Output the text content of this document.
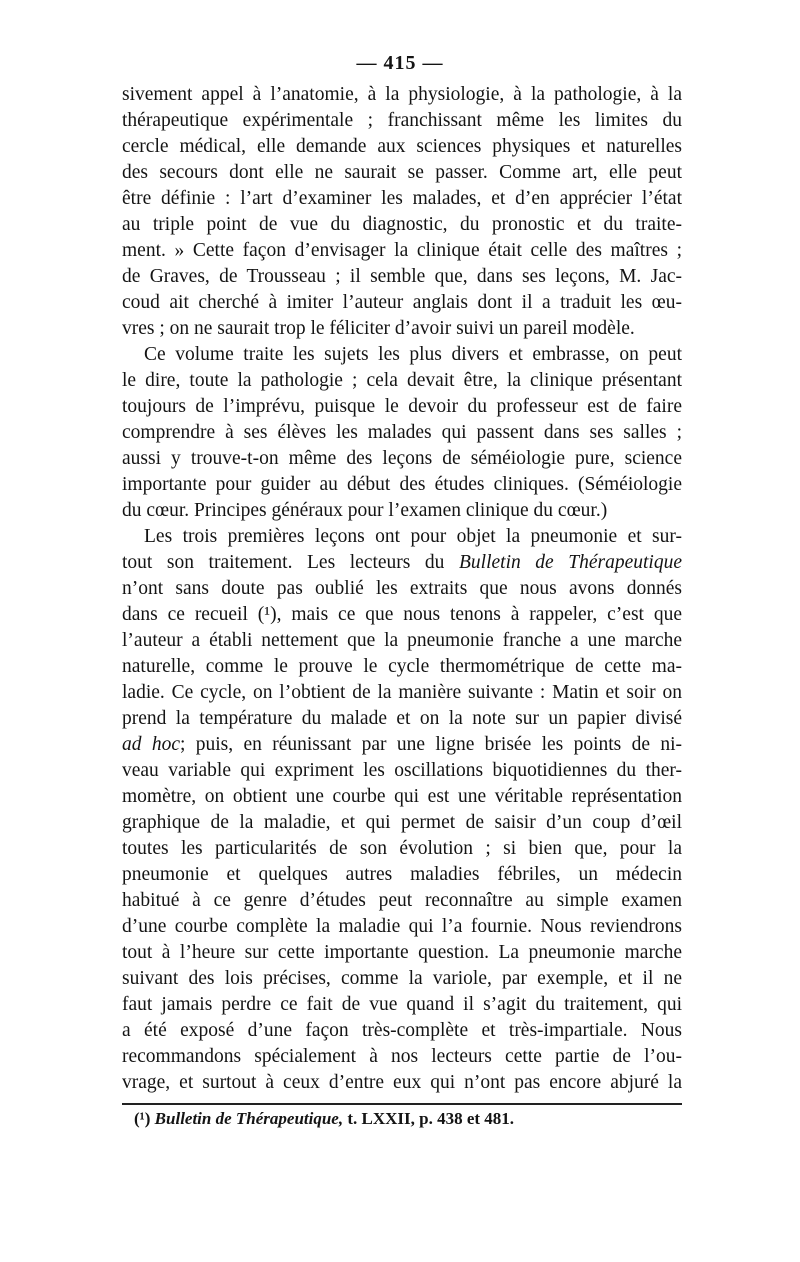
— 415 —
sivement appel à l’anatomie, à la physiologie, à la pathologie, à la
thérapeutique expérimentale ; franchissant même les limites du
cercle médical, elle demande aux sciences physiques et naturelles
des secours dont elle ne saurait se passer. Comme art, elle peut
être définie : l’art d’examiner les malades, et d’en apprécier l’état
au triple point de vue du diagnostic, du pronostic et du traite-
ment. » Cette façon d’envisager la clinique était celle des maîtres ;
de Graves, de Trousseau ; il semble que, dans ses leçons, M. Jac-
coud ait cherché à imiter l’auteur anglais dont il a traduit les œu-
vres ; on ne saurait trop le féliciter d’avoir suivi un pareil modèle.
Ce volume traite les sujets les plus divers et embrasse, on peut
le dire, toute la pathologie ; cela devait être, la clinique présentant
toujours de l’imprévu, puisque le devoir du professeur est de faire
comprendre à ses élèves les malades qui passent dans ses salles ;
aussi y trouve-t-on même des leçons de séméiologie pure, science
importante pour guider au début des études cliniques. (Séméiologie
du cœur. Principes généraux pour l’examen clinique du cœur.)
Les trois premières leçons ont pour objet la pneumonie et sur-
tout son traitement. Les lecteurs du Bulletin de Thérapeutique
n’ont sans doute pas oublié les extraits que nous avons donnés
dans ce recueil (¹), mais ce que nous tenons à rappeler, c’est que
l’auteur a établi nettement que la pneumonie franche a une marche
naturelle, comme le prouve le cycle thermométrique de cette ma-
ladie. Ce cycle, on l’obtient de la manière suivante : Matin et soir on
prend la température du malade et on la note sur un papier divisé
ad hoc; puis, en réunissant par une ligne brisée les points de ni-
veau variable qui expriment les oscillations biquotidiennes du ther-
momètre, on obtient une courbe qui est une véritable représentation
graphique de la maladie, et qui permet de saisir d’un coup d’œil
toutes les particularités de son évolution ; si bien que, pour la
pneumonie et quelques autres maladies fébriles, un médecin
habitué à ce genre d’études peut reconnaître au simple examen
d’une courbe complète la maladie qui l’a fournie. Nous reviendrons
tout à l’heure sur cette importante question. La pneumonie marche
suivant des lois précises, comme la variole, par exemple, et il ne
faut jamais perdre ce fait de vue quand il s’agit du traitement, qui
a été exposé d’une façon très-complète et très-impartiale. Nous
recommandons spécialement à nos lecteurs cette partie de l’ou-
vrage, et surtout à ceux d’entre eux qui n’ont pas encore abjuré la
(¹) Bulletin de Thérapeutique, t. LXXII, p. 438 et 481.
